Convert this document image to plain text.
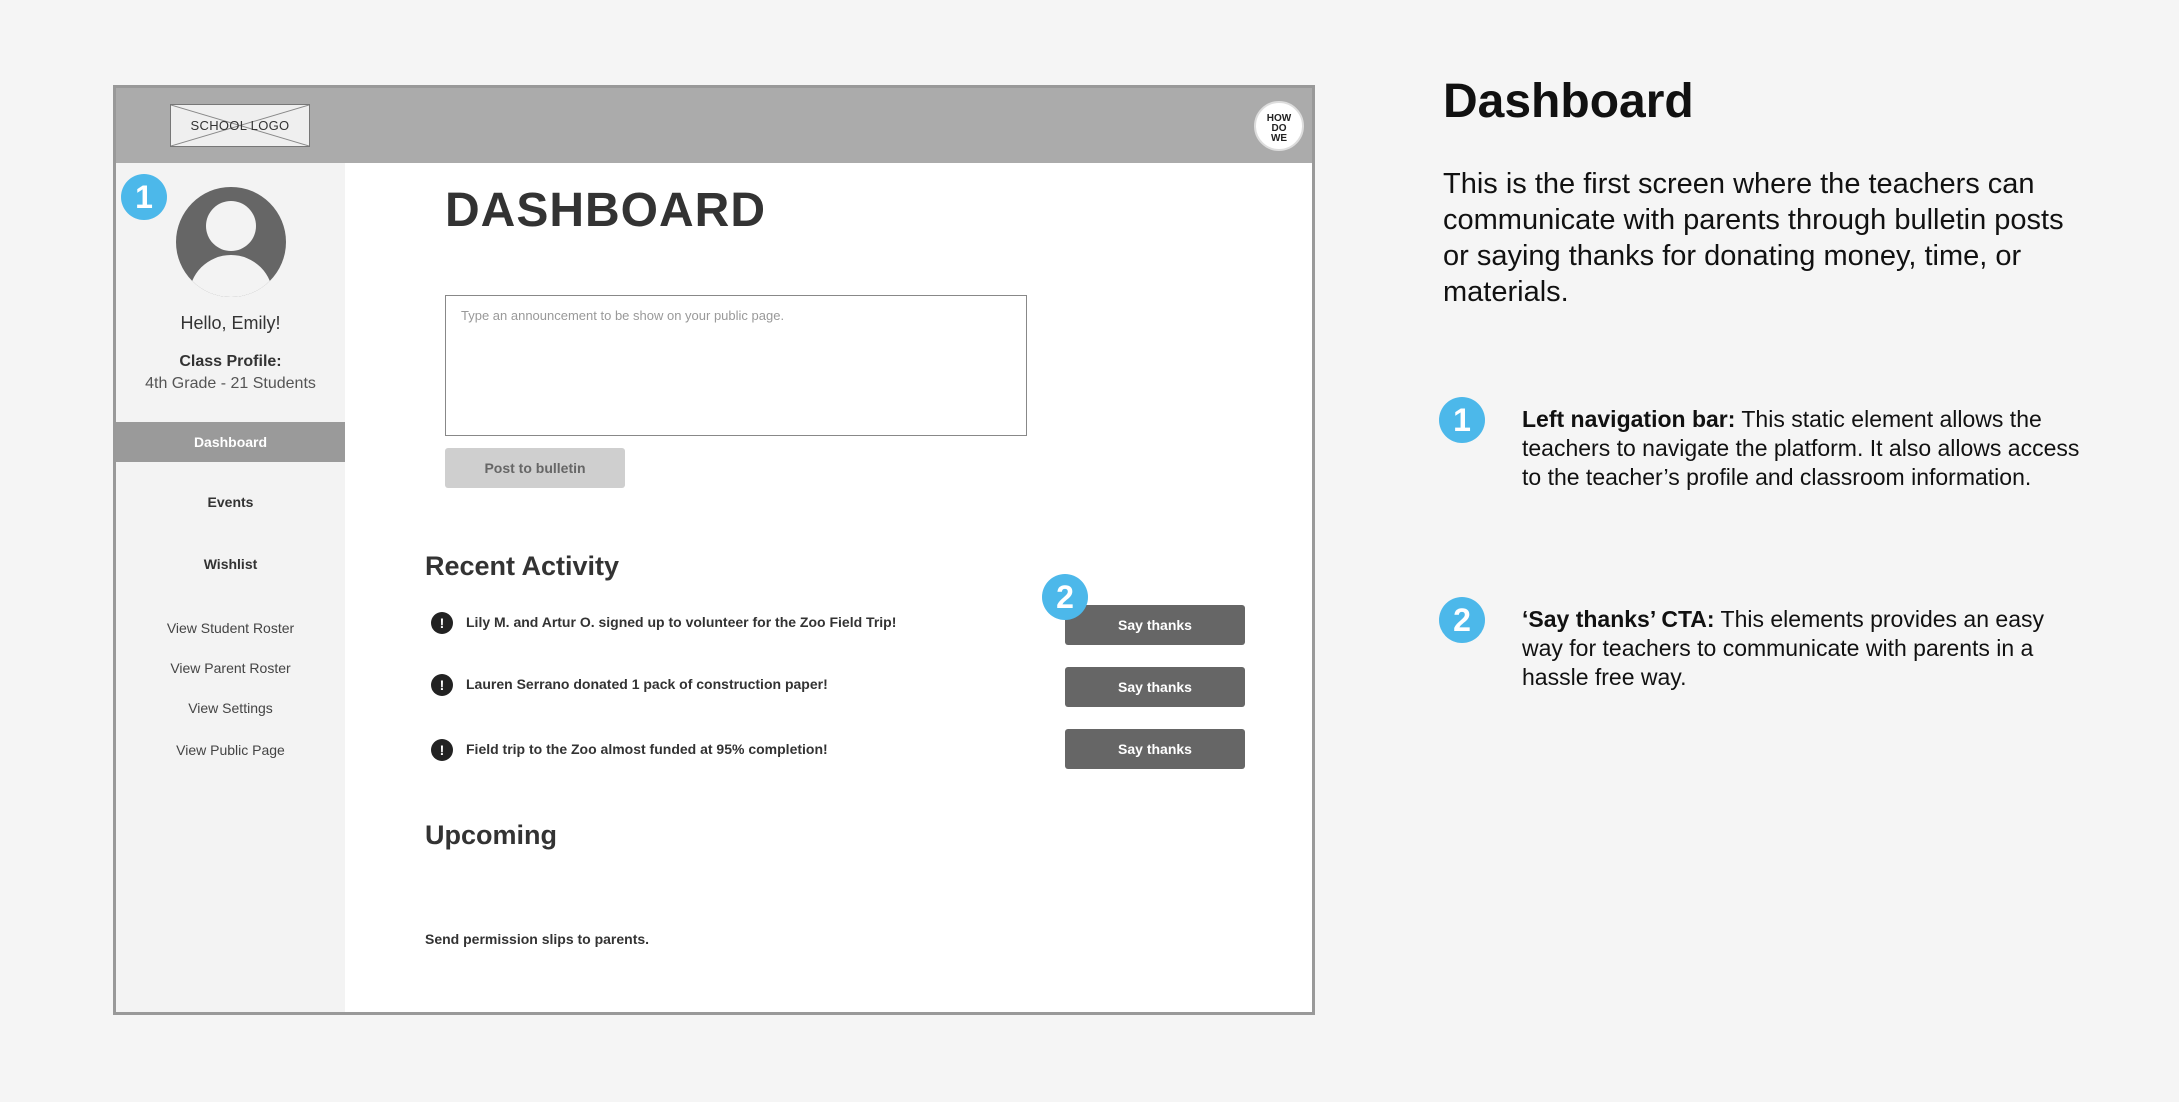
SCHOOL LOGO	HOW
DO
WE
Hello, Emily!
Class Profile:
4th Grade - 21 Students
Dashboard
Events
Wishlist
View Student Roster
View Parent Roster
View Settings
View Public Page
DASHBOARD
Type an announcement to be show on your public page.
Post to bulletin
Recent Activity
!	Lily M. and Artur O. signed up to volunteer for the Zoo Field Trip!	Say thanks
!	Lauren Serrano donated 1 pack of construction paper!	Say thanks
!	Field trip to the Zoo almost funded at 95% completion!	Say thanks
Upcoming
Send permission slips to parents.
1
2
Dashboard
This is the first screen where the teachers can communicate with parents through bulletin posts or saying thanks for donating money, time, or materials.
1	Left navigation bar: This static element allows the teachers to navigate the platform. It also allows access to the teacher’s profile and classroom information.
2	‘Say thanks’ CTA: This elements provides an easy way for teachers to communicate with parents in a hassle free way.
